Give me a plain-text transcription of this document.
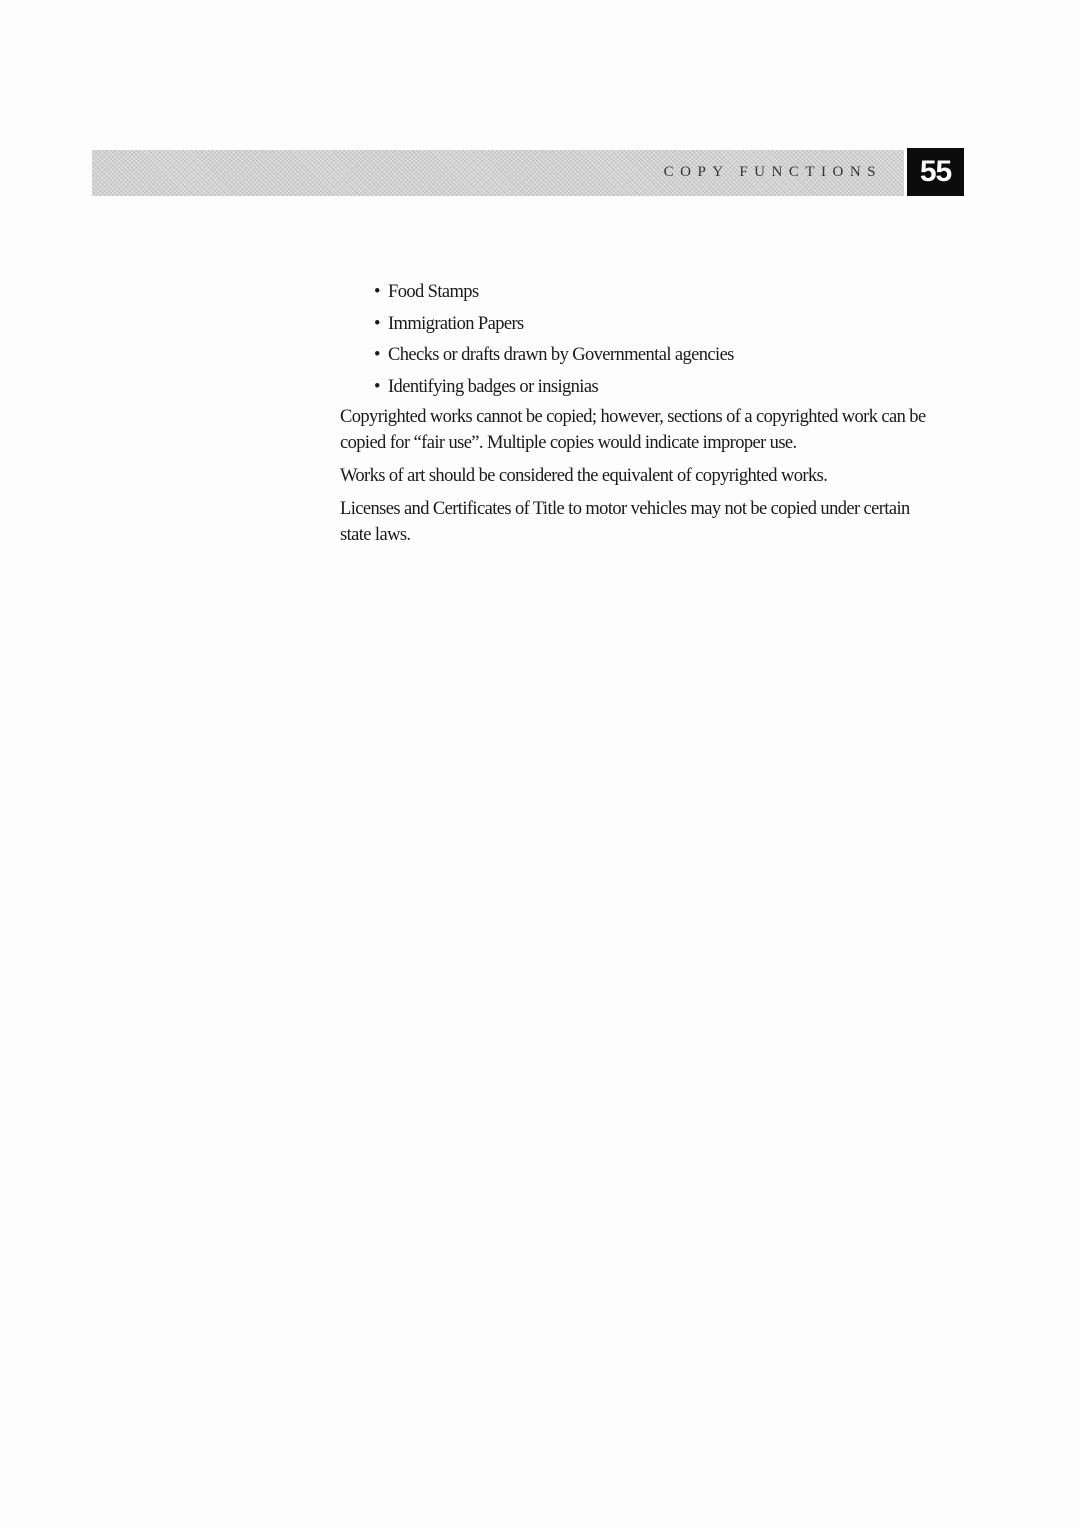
COPY FUNCTIONS	55
• Food Stamps
• Immigration Papers
• Checks or drafts drawn by Governmental agencies
• Identifying badges or insignias

Copyrighted works cannot be copied; however, sections of a copyrighted work can be copied for “fair use”. Multiple copies would indicate improper use.

Works of art should be considered the equivalent of copyrighted works.

Licenses and Certificates of Title to motor vehicles may not be copied under certain state laws.
